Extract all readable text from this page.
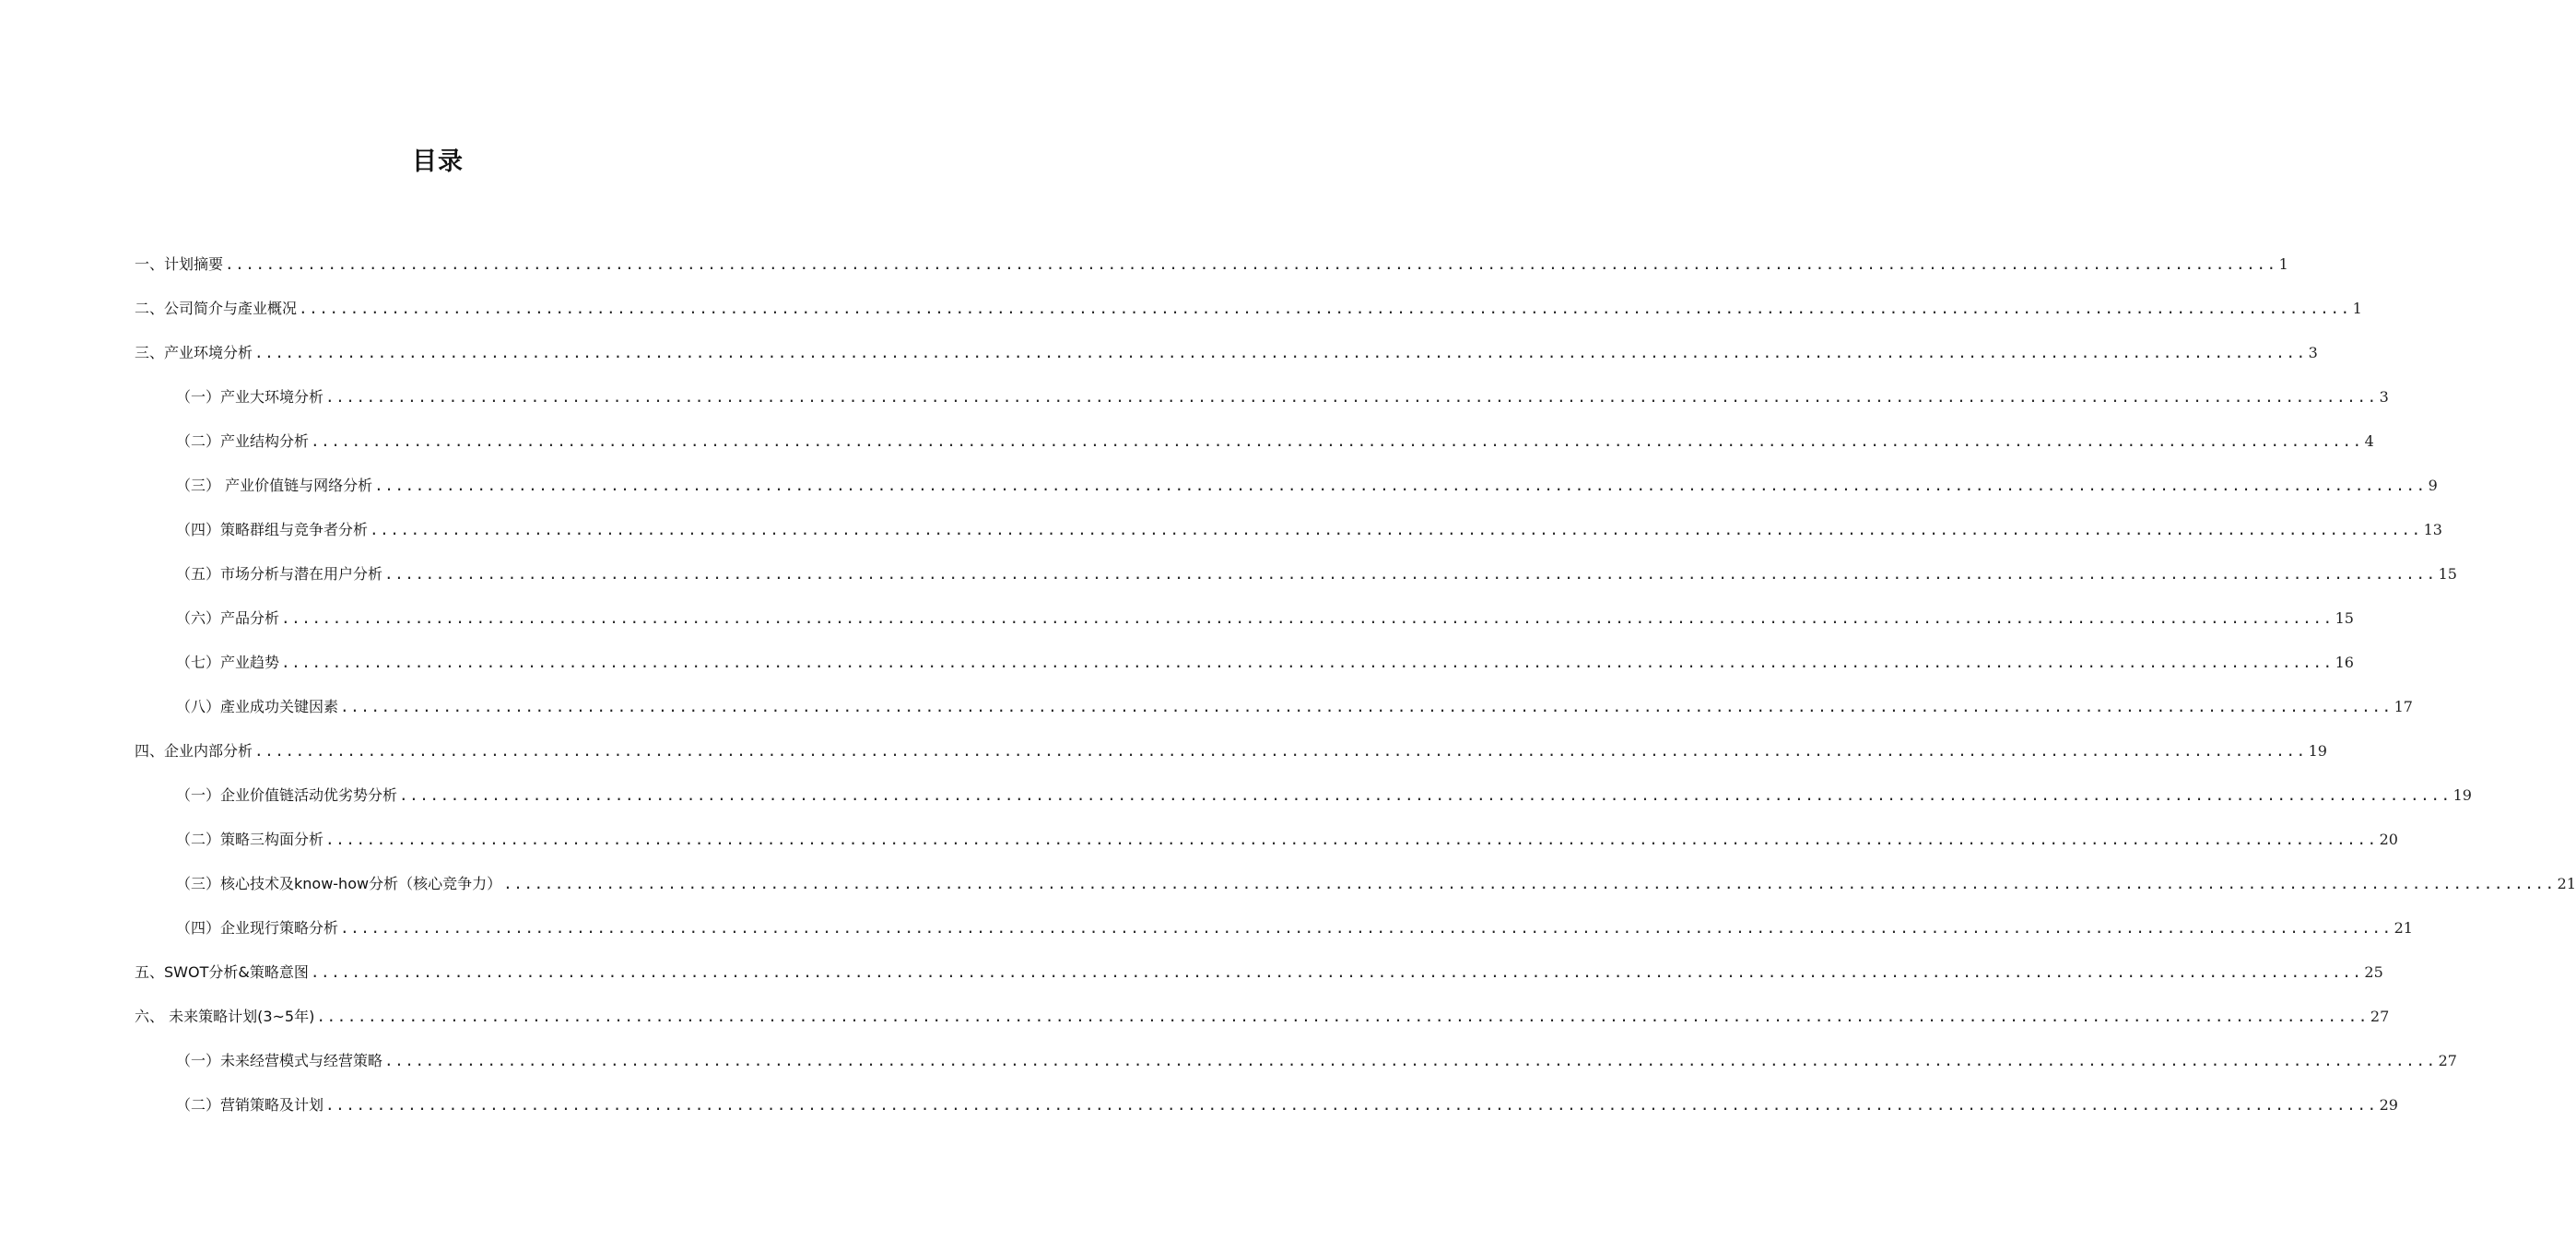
目录
一、计划摘要 ........................................................................................................................................................................................................ 1
二、公司简介与產业概况 ........................................................................................................................................................................................................ 1
三、产业环境分析 ........................................................................................................................................................................................................ 3
（一）产业大环境分析 ........................................................................................................................................................................................................ 3
（二）产业结构分析 ........................................................................................................................................................................................................ 4
（三） 产业价值链与网络分析 ........................................................................................................................................................................................................ 9
（四）策略群组与竞争者分析 ........................................................................................................................................................................................................ 13
（五）市场分析与潜在用户分析 ........................................................................................................................................................................................................ 15
（六）产品分析 ........................................................................................................................................................................................................ 15
（七）产业趋势 ........................................................................................................................................................................................................ 16
（八）產业成功关键因素 ........................................................................................................................................................................................................ 17
四、企业内部分析 ........................................................................................................................................................................................................ 19
（一）企业价值链活动优劣势分析 ........................................................................................................................................................................................................ 19
（二）策略三构面分析 ........................................................................................................................................................................................................ 20
（三）核心技术及know-how分析（核心竞争力） ........................................................................................................................................................................................................ 21
（四）企业现行策略分析 ........................................................................................................................................................................................................ 21
五、SWOT分析&策略意图 ........................................................................................................................................................................................................ 25
六、 未来策略计划(3~5年) ........................................................................................................................................................................................................ 27
（一）未来经营模式与经营策略 ........................................................................................................................................................................................................ 27
（二）营销策略及计划 ........................................................................................................................................................................................................ 29
